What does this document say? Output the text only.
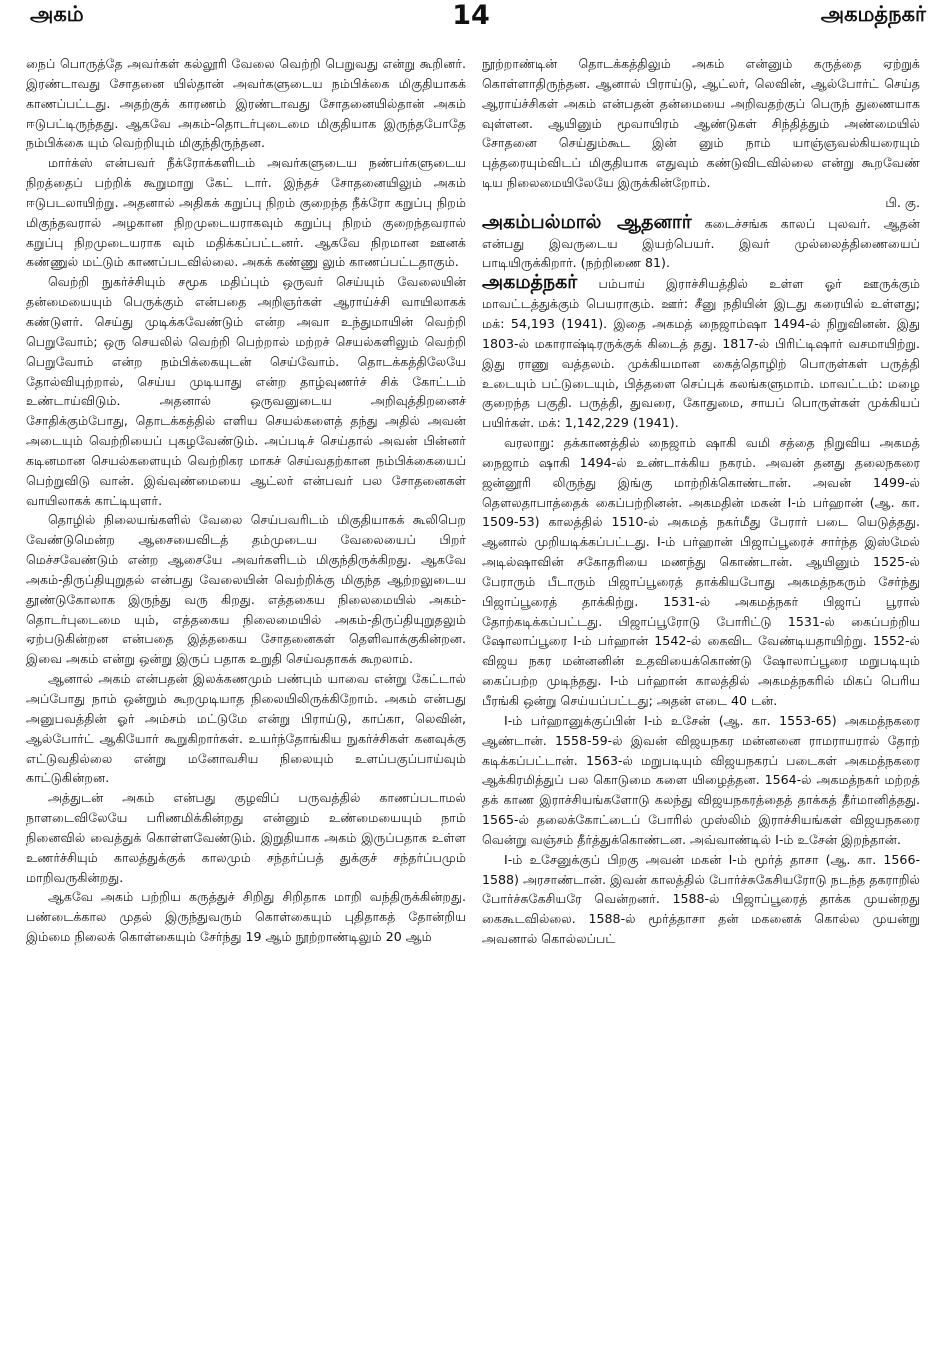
அகம்	14	அகமத்நகர்

நைப் பொருத்தே அவர்கள் கல்லூரி வேலை வெற்றி பெறுவது என்று கூறினர். இரண்டாவது சோதனை யில்தான் அவர்களுடைய நம்பிக்கை மிகுதியாகக் காணப்பட்டது. அதற்குக் காரணம் இரண்டாவது சோதனையில்தான் அகம் ஈடுபட்டிருந்தது. ஆகவே அகம்-தொடர்புடைமை மிகுதியாக இருந்தபோதே நம்பிக்கை யும் வெற்றியும் மிகுந்திருந்தன.

மார்க்ஸ் என்பவர் நீக்ரோக்களிடம் அவர்களுடைய நண்பர்களுடைய நிறத்தைப் பற்றிக் கூறுமாறு கேட் டார். இந்தச் சோதனையிலும் அகம் ஈடுபடலாயிற்று. அதனால் அதிகக் கறுப்பு நிறம் குறைந்த நீக்ரோ கறுப்பு நிறம் மிகுந்தவரால் அழகான நிறமுடையராகவும் கறுப்பு நிறம் குறைந்தவரால் கறுப்பு நிறமுடையராக வும் மதிக்கப்பட்டனர். ஆகவே நிறமான ஊனக் கண்ணுல் மட்டும் காணப்படவில்லை. அகக் கண்ணு லும் காணப்பட்டதாகும்.

வெற்றி நுகர்ச்சியும் சமூக மதிப்பும் ஒருவர் செய்யும் வேலையின் தன்மையையும் பெருக்கும் என்பதை அறிஞர்கள் ஆராய்ச்சி வாயிலாகக் கண்டுளர். செய்து முடிக்கவேண்டும் என்ற அவா உந்துமாயின் வெற்றி பெறுவோம்; ஒரு செயலில் வெற்றி பெற்றால் மற்றச் செயல்களிலும் வெற்றி பெறுவோம் என்ற நம்பிக்கையுடன் செய்வோம். தொடக்கத்திலேயே தோல்வியுற்றால், செய்ய முடியாது என்ற தாழ்வுணர்ச் சிக் கோட்டம் உண்டாய்விடும். அதனால் ஒருவனுடைய அறிவுத்திறனைச் சோதிக்கும்போது, தொடக்கத்தில் எளிய செயல்களைத் தந்து அதில் அவன் அடையும் வெற்றியைப் புகழவேண்டும். அப்படிச் செய்தால் அவன் பின்னர் கடினமான செயல்களையும் வெற்றிகர மாகச் செய்வதற்கான நம்பிக்கையைப் பெற்றுவிடு வான். இவ்வுண்மையை ஆட்லர் என்பவர் பல சோதனைகள் வாயிலாகக் காட்டியுளர்.

தொழில் நிலையங்களில் வேலை செய்பவரிடம் மிகுதியாகக் கூலிபெற வேண்டுமென்ற ஆசையைவிடத் தம்முடைய வேலையைப் பிறர் மெச்சவேண்டும் என்ற ஆசையே அவர்களிடம் மிகுந்திருக்கிறது. ஆகவே அகம்-திருப்தியுறுதல் என்பது வேலையின் வெற்றிக்கு மிகுந்த ஆற்றலுடைய தூண்டுகோலாக இருந்து வரு கிறது. எத்தகைய நிலைமையில் அகம்-தொடர்புடைமை யும், எத்தகைய நிலைமையில் அகம்-திருப்தியுறுதலும் ஏற்படுகின்றன என்பதை இத்தகைய சோதனைகள் தெளிவாக்குகின்றன. இவை அகம் என்று ஒன்று இருப் பதாக உறுதி செய்வதாகக் கூறலாம்.

ஆனால் அகம் என்பதன் இலக்கணமும் பண்பும் யாவை என்று கேட்டால் அப்போது நாம் ஒன்றும் கூறமுடியாத நிலையிலிருக்கிறோம். அகம் என்பது அனுபவத்தின் ஓர் அம்சம் மட்டுமே என்று பிராய்டு, காப்கா, லெவின், ஆல்போர்ட் ஆகியோர் கூறுகிறார்கள். உயர்ந்தோங்கிய நுகர்ச்சிகள் கனவுக்கு எட்டுவதில்லை என்று மனோவசிய நிலையும் உளப்பகுப்பாய்வும் காட்டுகின்றன.

அத்துடன் அகம் என்பது குழவிப் பருவத்தில் காணப்படாமல் நாளடைவிலேயே பரிணமிக்கின்றது என்னும் உண்மையையும் நாம் நினைவில் வைத்துக் கொள்ளவேண்டும். இறுதியாக அகம் இருப்பதாக உள்ள உணர்ச்சியும் காலத்துக்குக் காலமும் சந்தர்ப்பத் துக்குச் சந்தர்ப்பமும் மாறிவருகின்றது.

ஆகவே அகம் பற்றிய கருத்துச் சிறிது சிறிதாக மாறி வந்திருக்கின்றது. பண்டைக்கால முதல் இருந்துவரும் கொள்கையும் புதிதாகத் தோன்றிய இம்மை நிலைக் கொள்கையும் சேர்ந்து 19 ஆம் நூற்றாண்டிலும் 20 ஆம்

நூற்றாண்டின் தொடக்கத்திலும் அகம் என்னும் கருத்தை ஏற்றுக் கொள்ளாதிருந்தன. ஆனால் பிராய்டு, ஆட்லர், லெவின், ஆல்போர்ட் செய்த ஆராய்ச்சிகள் அகம் என்பதன் தன்மையை அறிவதற்குப் பெருந் துணையாக வுள்ளன. ஆயினும் மூவாயிரம் ஆண்டுகள் சிந்தித்தும் அண்மையில் சோதனை செய்தும்கூட இன் னும் நாம் யாஞ்ஞவல்கியரையும் புத்தரையும்விடப் மிகுதியாக எதுவும் கண்டுவிடவில்லை என்று கூறவேண் டிய நிலைமையிலேயே இருக்கின்றோம்.
பி. கு.

அகம்பல்மால் ஆதனார் கடைச்சங்க காலப் புலவர். ஆதன் என்பது இவருடைய இயற்பெயர். இவர் முல்லைத்திணையைப் பாடியிருக்கிறார். (நற்றிணை 81).

அகமத்நகர் பம்பாய் இராச்சியத்தில் உள்ள ஓர் ஊருக்கும் மாவட்டத்துக்கும் பெயராகும். ஊர்: சீனு நதியின் இடது கரையில் உள்ளது; மக்: 54,193 (1941). இதை அகமத் நைஜாம்ஷா 1494-ல் நிறுவினன். இது 1803-ல் மகாராஷ்டிரருக்குக் கிடைத் தது. 1817-ல் பிரிட்டிஷார் வசமாயிற்று. இது ராணு வத்தலம். முக்கியமான கைத்தொழிற் பொருள்கள் பருத்தி உடையும் பட்டுடையும், பித்தளை செப்புக் கலங்களுமாம். மாவட்டம்: மழை குறைந்த பகுதி. பருத்தி, துவரை, கோதுமை, சாயப் பொருள்கள் முக்கியப் பயிர்கள். மக்: 1,142,229 (1941).

வரலாறு: தக்காணத்தில் நைஜாம் ஷாகி வமி சத்தை நிறுவிய அகமத் நைஜாம் ஷாகி 1494-ல் உண்டாக்கிய நகரம். அவன் தனது தலைநகரை ஜன்னூரி லிருந்து இங்கு மாற்றிக்கொண்டான். அவன் 1499-ல் தௌலதாபாத்தைக் கைப்பற்றினன். அகமதின் மகன் I-ம் பர்ஹான் (ஆ. கா. 1509-53) காலத்தில் 1510-ல் அகமத் நகர்மீது பேரார் படை யெடுத்தது. ஆனால் முறியடிக்கப்பட்டது. I-ம் பர்ஹான் பிஜாப்பூரைச் சார்ந்த இஸ்மேல் அடில்ஷாவின் சகோதரியை மணந்து கொண்டான். ஆயினும் 1525-ல் பேராரும் பீடாரும் பிஜாப்பூரைத் தாக்கியபோது அகமத்நகரும் சேர்ந்து பிஜாப்பூரைத் தாக்கிற்று. 1531-ல் அகமத்நகர் பிஜாப் பூரால் தோற்கடிக்கப்பட்டது. பிஜாப்பூரோடு போரிட்டு 1531-ல் கைப்பற்றிய ஷோலாப்பூரை I-ம் பர்ஹான் 1542-ல் கைவிட வேண்டியதாயிற்று. 1552-ல் விஜய நகர மன்னனின் உதவியைக்கொண்டு ஷோலாப்பூரை மறுபடியும் கைப்பற்ற முடிந்தது. I-ம் பர்ஹான் காலத்தில் அகமத்நகரில் மிகப் பெரிய பீரங்கி ஒன்று செய்யப்பட்டது; அதன் எடை 40 டன்.

I-ம் பர்ஹானுக்குப்பின் I-ம் உசேன் (ஆ. கா. 1553-65) அகமத்நகரை ஆண்டான். 1558-59-ல் இவன் விஜயநகர மன்னனை ராமராயரால் தோற் கடிக்கப்பட்டான். 1563-ல் மறுபடியும் விஜயநகரப் படைகள் அகமத்நகரை ஆக்கிரமித்துப் பல கொடுமை களை யிழைத்தன. 1564-ல் அகமத்நகர் மற்றத் தக் காண இராச்சியங்களோடு கலந்து விஜயநகரத்தைத் தாக்கத் தீர்மானித்தது. 1565-ல் தலைக்கோட்டைப் போரில் முஸ்லிம் இராச்சியங்கள் விஜயநகரை வென்று வஞ்சம் தீர்த்துக்கொண்டன. அவ்வாண்டில் I-ம் உசேன் இறந்தான்.

I-ம் உசேனுக்குப் பிறகு அவன் மகன் I-ம் மூர்த் தாசா (ஆ. கா. 1566-1588) அரசாண்டான். இவன் காலத்தில் போர்ச்சுகேசியரோடு நடந்த தகராறில் போர்ச்சுகேசியரே வென்றனர். 1588-ல் பிஜாப்பூரைத் தாக்க முயன்றது கைகூடவில்லை. 1588-ல் மூர்த்தாசா தன் மகனைக் கொல்ல முயன்று அவனால் கொல்லப்பட்
